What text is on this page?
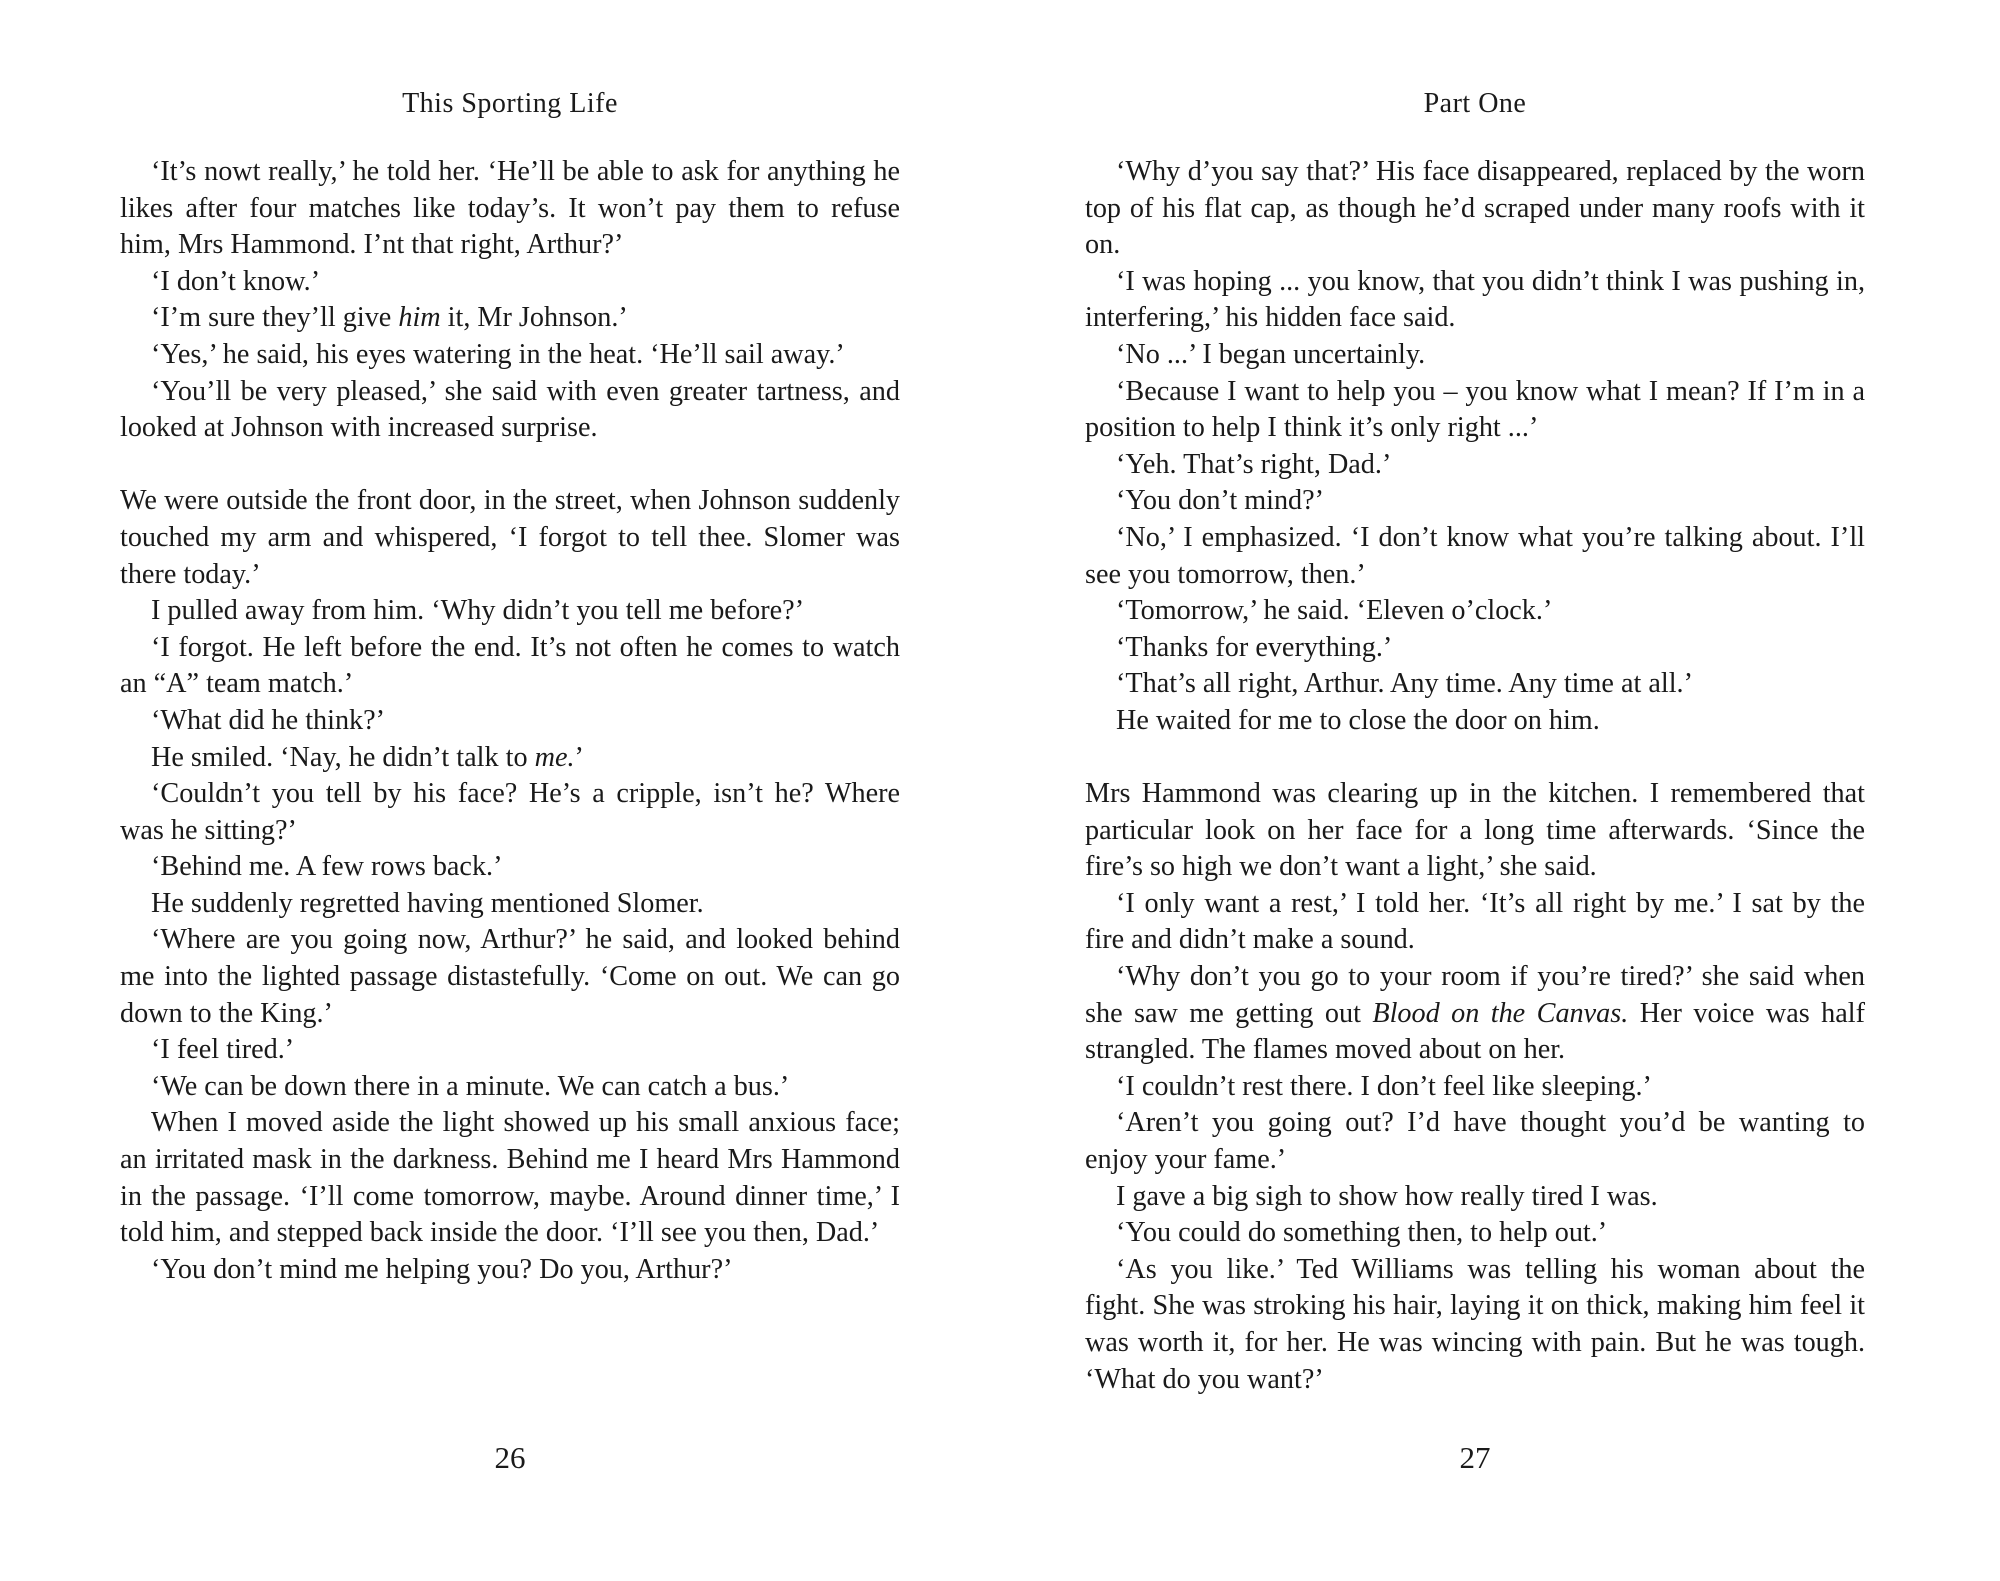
This Sporting Life

‘It’s nowt really,’ he told her. ‘He’ll be able to ask for anything he likes after four matches like today’s. It won’t pay them to refuse him, Mrs Hammond. I’nt that right, Arthur?’

‘I don’t know.’

‘I’m sure they’ll give him it, Mr Johnson.’

‘Yes,’ he said, his eyes watering in the heat. ‘He’ll sail away.’

‘You’ll be very pleased,’ she said with even greater tartness, and looked at Johnson with increased surprise.

We were outside the front door, in the street, when Johnson suddenly touched my arm and whispered, ‘I forgot to tell thee. Slomer was there today.’

I pulled away from him. ‘Why didn’t you tell me before?’

‘I forgot. He left before the end. It’s not often he comes to watch an “A” team match.’

‘What did he think?’

He smiled. ‘Nay, he didn’t talk to me.’

‘Couldn’t you tell by his face? He’s a cripple, isn’t he? Where was he sitting?’

‘Behind me. A few rows back.’

He suddenly regretted having mentioned Slomer.

‘Where are you going now, Arthur?’ he said, and looked behind me into the lighted passage distastefully. ‘Come on out. We can go down to the King.’

‘I feel tired.’

‘We can be down there in a minute. We can catch a bus.’

When I moved aside the light showed up his small anxious face; an irritated mask in the darkness. Behind me I heard Mrs Hammond in the passage. ‘I’ll come tomorrow, maybe. Around dinner time,’ I told him, and stepped back inside the door. ‘I’ll see you then, Dad.’

‘You don’t mind me helping you? Do you, Arthur?’

26
Part One

‘Why d’you say that?’ His face disappeared, replaced by the worn top of his flat cap, as though he’d scraped under many roofs with it on.

‘I was hoping ... you know, that you didn’t think I was pushing in, interfering,’ his hidden face said.

‘No ...’ I began uncertainly.

‘Because I want to help you – you know what I mean? If I’m in a position to help I think it’s only right ...’

‘Yeh. That’s right, Dad.’

‘You don’t mind?’

‘No,’ I emphasized. ‘I don’t know what you’re talking about. I’ll see you tomorrow, then.’

‘Tomorrow,’ he said. ‘Eleven o’clock.’

‘Thanks for everything.’

‘That’s all right, Arthur. Any time. Any time at all.’

He waited for me to close the door on him.

Mrs Hammond was clearing up in the kitchen. I remembered that particular look on her face for a long time afterwards. ‘Since the fire’s so high we don’t want a light,’ she said.

‘I only want a rest,’ I told her. ‘It’s all right by me.’ I sat by the fire and didn’t make a sound.

‘Why don’t you go to your room if you’re tired?’ she said when she saw me getting out Blood on the Canvas. Her voice was half strangled. The flames moved about on her.

‘I couldn’t rest there. I don’t feel like sleeping.’

‘Aren’t you going out? I’d have thought you’d be wanting to enjoy your fame.’

I gave a big sigh to show how really tired I was.

‘You could do something then, to help out.’

‘As you like.’ Ted Williams was telling his woman about the fight. She was stroking his hair, laying it on thick, making him feel it was worth it, for her. He was wincing with pain. But he was tough. ‘What do you want?’

27
